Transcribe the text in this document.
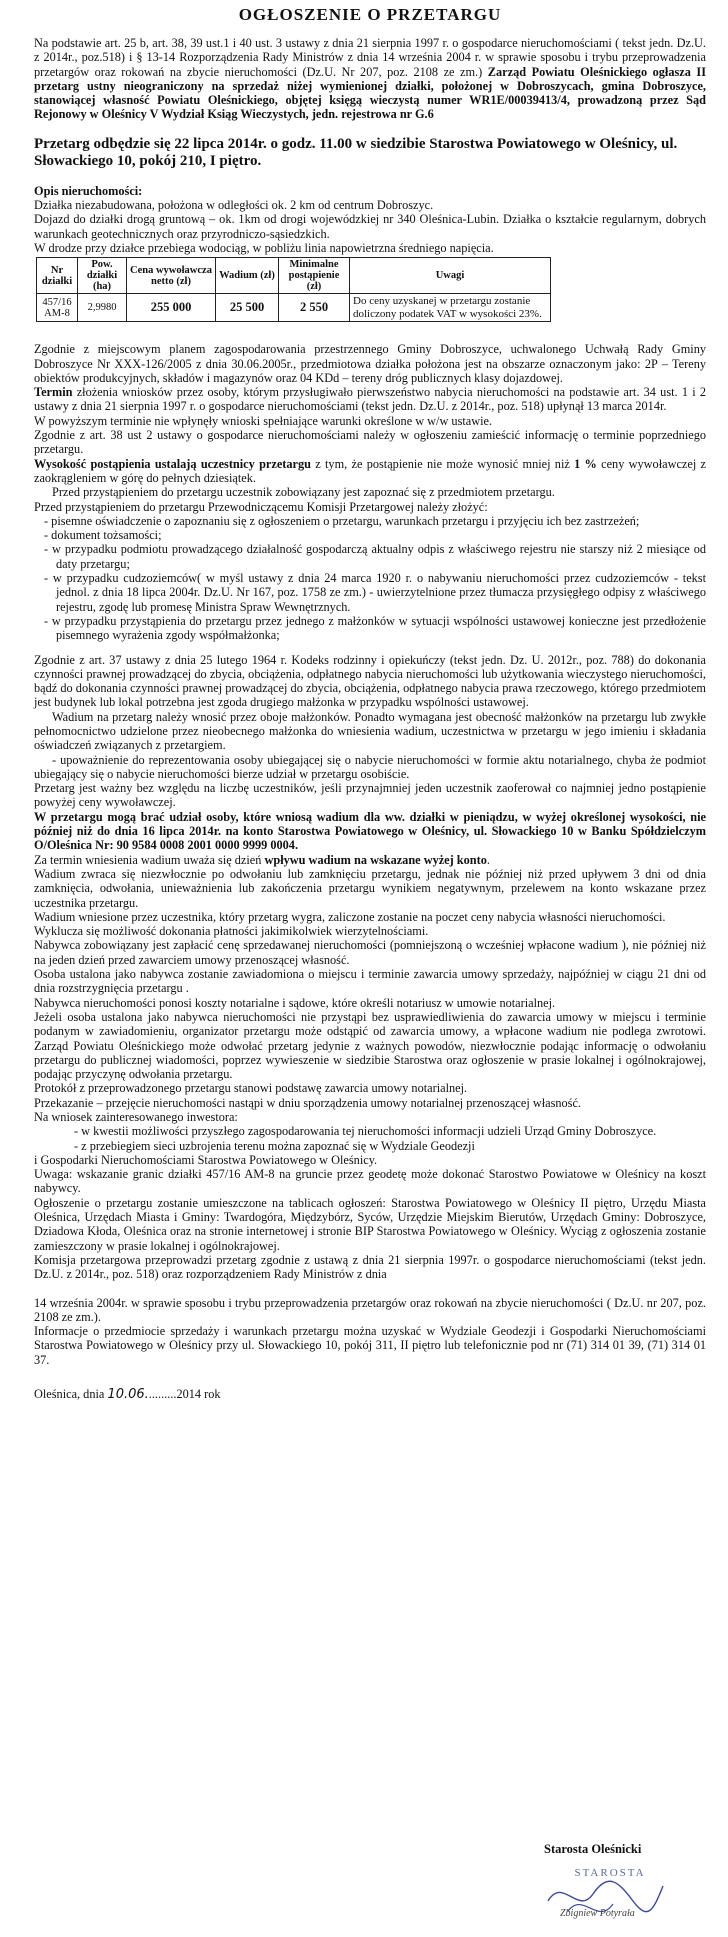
OGŁOSZENIE O PRZETARGU

Na podstawie art. 25 b, art. 38, 39 ust.1 i 40 ust. 3 ustawy z dnia 21 sierpnia 1997 r. o gospodarce nieruchomościami ( tekst jedn. Dz.U. z 2014r., poz.518) i § 13-14 Rozporządzenia Rady Ministrów z dnia 14 września 2004 r. w sprawie sposobu i trybu przeprowadzenia przetargów oraz rokowań na zbycie nieruchomości (Dz.U. Nr 207, poz. 2108 ze zm.) Zarząd Powiatu Oleśnickiego ogłasza II przetarg ustny nieograniczony na sprzedaż niżej wymienionej działki, położonej w Dobroszycach, gmina Dobroszyce, stanowiącej własność Powiatu Oleśnickiego, objętej księgą wieczystą numer WR1E/00039413/4, prowadzoną przez Sąd Rejonowy w Oleśnicy V Wydział Ksiąg Wieczystych, jedn. rejestrowa nr G.6

Przetarg odbędzie się 22 lipca 2014r. o godz. 11.00 w siedzibie Starostwa Powiatowego w Oleśnicy, ul. Słowackiego 10, pokój 210, I piętro.

Opis nieruchomości:

Działka niezabudowana, położona w odległości ok. 2 km od centrum Dobroszyc.

Dojazd do działki drogą gruntową – ok. 1km od drogi wojewódzkiej nr 340 Oleśnica-Lubin. Działka o kształcie regularnym, dobrych warunkach geotechnicznych oraz przyrodniczo-sąsiedzkich.

W drodze przy działce przebiega wodociąg, w pobliżu linia napowietrzna średniego napięcia.

Nr działki	Pow. działki (ha)	Cena wywoławcza netto (zł)	Wadium (zł)	Minimalne postąpienie (zł)	Uwagi
457/16 AM-8	2,9980	255 000	25 500	2 550	Do ceny uzyskanej w przetargu zostanie doliczony podatek VAT w wysokości 23%.

Zgodnie z miejscowym planem zagospodarowania przestrzennego Gminy Dobroszyce, uchwalonego Uchwałą Rady Gminy Dobroszyce Nr XXX-126/2005 z dnia 30.06.2005r., przedmiotowa działka położona jest na obszarze oznaczonym jako: 2P – Tereny obiektów produkcyjnych, składów i magazynów oraz 04 KDd – tereny dróg publicznych klasy dojazdowej.

Termin złożenia wniosków przez osoby, którym przysługiwało pierwszeństwo nabycia nieruchomości na podstawie art. 34 ust. 1 i 2 ustawy z dnia 21 sierpnia 1997 r. o gospodarce nieruchomościami (tekst jedn. Dz.U. z 2014r., poz. 518) upłynął 13 marca 2014r.

W powyższym terminie nie wpłynęły wnioski spełniające warunki określone w w/w ustawie.

Zgodnie z art. 38 ust 2 ustawy o gospodarce nieruchomościami należy w ogłoszeniu zamieścić informację o terminie poprzedniego przetargu.

Wysokość postąpienia ustalają uczestnicy przetargu z tym, że postąpienie nie może wynosić mniej niż 1 % ceny wywoławczej z zaokrągleniem w górę do pełnych dziesiątek.

Przed przystąpieniem do przetargu uczestnik zobowiązany jest zapoznać się z przedmiotem przetargu.

Przed przystąpieniem do przetargu Przewodniczącemu Komisji Przetargowej należy złożyć:

- pisemne oświadczenie o zapoznaniu się z ogłoszeniem o przetargu, warunkach przetargu i przyjęciu ich bez zastrzeżeń;

- dokument tożsamości;

- w przypadku podmiotu prowadzącego działalność gospodarczą aktualny odpis z właściwego rejestru nie starszy niż 2 miesiące od daty przetargu;

- w przypadku cudzoziemców( w myśl ustawy z dnia 24 marca 1920 r. o nabywaniu nieruchomości przez cudzoziemców - tekst jednol. z dnia 18 lipca 2004r. Dz.U. Nr 167, poz. 1758 ze zm.) - uwierzytelnione przez tłumacza przysięgłego odpisy z właściwego rejestru, zgodę lub promesę Ministra Spraw Wewnętrznych.

- w przypadku przystąpienia do przetargu przez jednego z małżonków w sytuacji wspólności ustawowej konieczne jest przedłożenie pisemnego wyrażenia zgody współmałżonka;

Zgodnie z art. 37 ustawy z dnia 25 lutego 1964 r. Kodeks rodzinny i opiekuńczy (tekst jedn. Dz. U. 2012r., poz. 788) do dokonania czynności prawnej prowadzącej do zbycia, obciążenia, odpłatnego nabycia nieruchomości lub użytkowania wieczystego nieruchomości, bądź do dokonania czynności prawnej prowadzącej do zbycia, obciążenia, odpłatnego nabycia prawa rzeczowego, którego przedmiotem jest budynek lub lokal potrzebna jest zgoda drugiego małżonka w przypadku wspólności ustawowej.

Wadium na przetarg należy wnosić przez oboje małżonków. Ponadto wymagana jest obecność małżonków na przetargu lub zwykłe pełnomocnictwo udzielone przez nieobecnego małżonka do wniesienia wadium, uczestnictwa w przetargu w jego imieniu i składania oświadczeń związanych z przetargiem.

- upoważnienie do reprezentowania osoby ubiegającej się o nabycie nieruchomości w formie aktu notarialnego, chyba że podmiot ubiegający się o nabycie nieruchomości bierze udział w przetargu osobiście.

Przetarg jest ważny bez względu na liczbę uczestników, jeśli przynajmniej jeden uczestnik zaoferował co najmniej jedno postąpienie powyżej ceny wywoławczej.

W przetargu mogą brać udział osoby, które wniosą wadium dla ww. działki w pieniądzu, w wyżej określonej wysokości, nie później niż do dnia 16 lipca 2014r. na konto Starostwa Powiatowego w Oleśnicy, ul. Słowackiego 10 w Banku Spółdzielczym O/Oleśnica Nr: 90 9584 0008 2001 0000 9999 0004.

Za termin wniesienia wadium uważa się dzień wpływu wadium na wskazane wyżej konto.

Wadium zwraca się niezwłocznie po odwołaniu lub zamknięciu przetargu, jednak nie później niż przed upływem 3 dni od dnia zamknięcia, odwołania, unieważnienia lub zakończenia przetargu wynikiem negatywnym, przelewem na konto wskazane przez uczestnika przetargu.

Wadium wniesione przez uczestnika, który przetarg wygra, zaliczone zostanie na poczet ceny nabycia własności nieruchomości.

Wyklucza się możliwość dokonania płatności jakimikolwiek wierzytelnościami.

Nabywca zobowiązany jest zapłacić cenę sprzedawanej nieruchomości (pomniejszoną o wcześniej wpłacone wadium ), nie później niż na jeden dzień przed zawarciem umowy przenoszącej własność.

Osoba ustalona jako nabywca zostanie zawiadomiona o miejscu i terminie zawarcia umowy sprzedaży, najpóźniej w ciągu 21 dni od dnia rozstrzygnięcia przetargu .

Nabywca nieruchomości ponosi koszty notarialne i sądowe, które określi notariusz w umowie notarialnej.

Jeżeli osoba ustalona jako nabywca nieruchomości nie przystąpi bez usprawiedliwienia do zawarcia umowy w miejscu i terminie podanym w zawiadomieniu, organizator przetargu może odstąpić od zawarcia umowy, a wpłacone wadium nie podlega zwrotowi. Zarząd Powiatu Oleśnickiego może odwołać przetarg jedynie z ważnych powodów, niezwłocznie podając informację o odwołaniu przetargu do publicznej wiadomości, poprzez wywieszenie w siedzibie Starostwa oraz ogłoszenie w prasie lokalnej i ogólnokrajowej, podając przyczynę odwołania przetargu.

Protokół z przeprowadzonego przetargu stanowi podstawę zawarcia umowy notarialnej.

Przekazanie – przejęcie nieruchomości nastąpi w dniu sporządzenia umowy notarialnej przenoszącej własność.

Na wniosek zainteresowanego inwestora:

- w kwestii możliwości przyszłego zagospodarowania tej nieruchomości informacji udzieli Urząd Gminy Dobroszyce.

- z przebiegiem sieci uzbrojenia terenu można zapoznać się w Wydziale Geodezji

i Gospodarki Nieruchomościami Starostwa Powiatowego w Oleśnicy.

Uwaga: wskazanie granic działki 457/16 AM-8 na gruncie przez geodetę może dokonać Starostwo Powiatowe w Oleśnicy na koszt nabywcy.

Ogłoszenie o przetargu zostanie umieszczone na tablicach ogłoszeń: Starostwa Powiatowego w Oleśnicy II piętro, Urzędu Miasta Oleśnica, Urzędach Miasta i Gminy: Twardogóra, Międzybórz, Syców, Urzędzie Miejskim Bierutów, Urzędach Gminy: Dobroszyce, Dziadowa Kłoda, Oleśnica oraz na stronie internetowej i stronie BIP Starostwa Powiatowego w Oleśnicy. Wyciąg z ogłoszenia zostanie zamieszczony w prasie lokalnej i ogólnokrajowej.

Komisja przetargowa przeprowadzi przetarg zgodnie z ustawą z dnia 21 sierpnia 1997r. o gospodarce nieruchomościami (tekst jedn. Dz.U. z 2014r., poz. 518) oraz rozporządzeniem Rady Ministrów z dnia

14 września 2004r. w sprawie sposobu i trybu przeprowadzenia przetargów oraz rokowań na zbycie nieruchomości ( Dz.U. nr 207, poz. 2108 ze zm.).

Informacje o przedmiocie sprzedaży i warunkach przetargu można uzyskać w Wydziale Geodezji i Gospodarki Nieruchomościami Starostwa Powiatowego w Oleśnicy przy ul. Słowackiego 10, pokój 311, II piętro lub telefonicznie pod nr (71) 314 01 39, (71) 314 01 37.

Oleśnica, dnia 10.06..........2014 rok

Starosta Oleśnicki
STAROSTA
Zbigniew Potyrała
